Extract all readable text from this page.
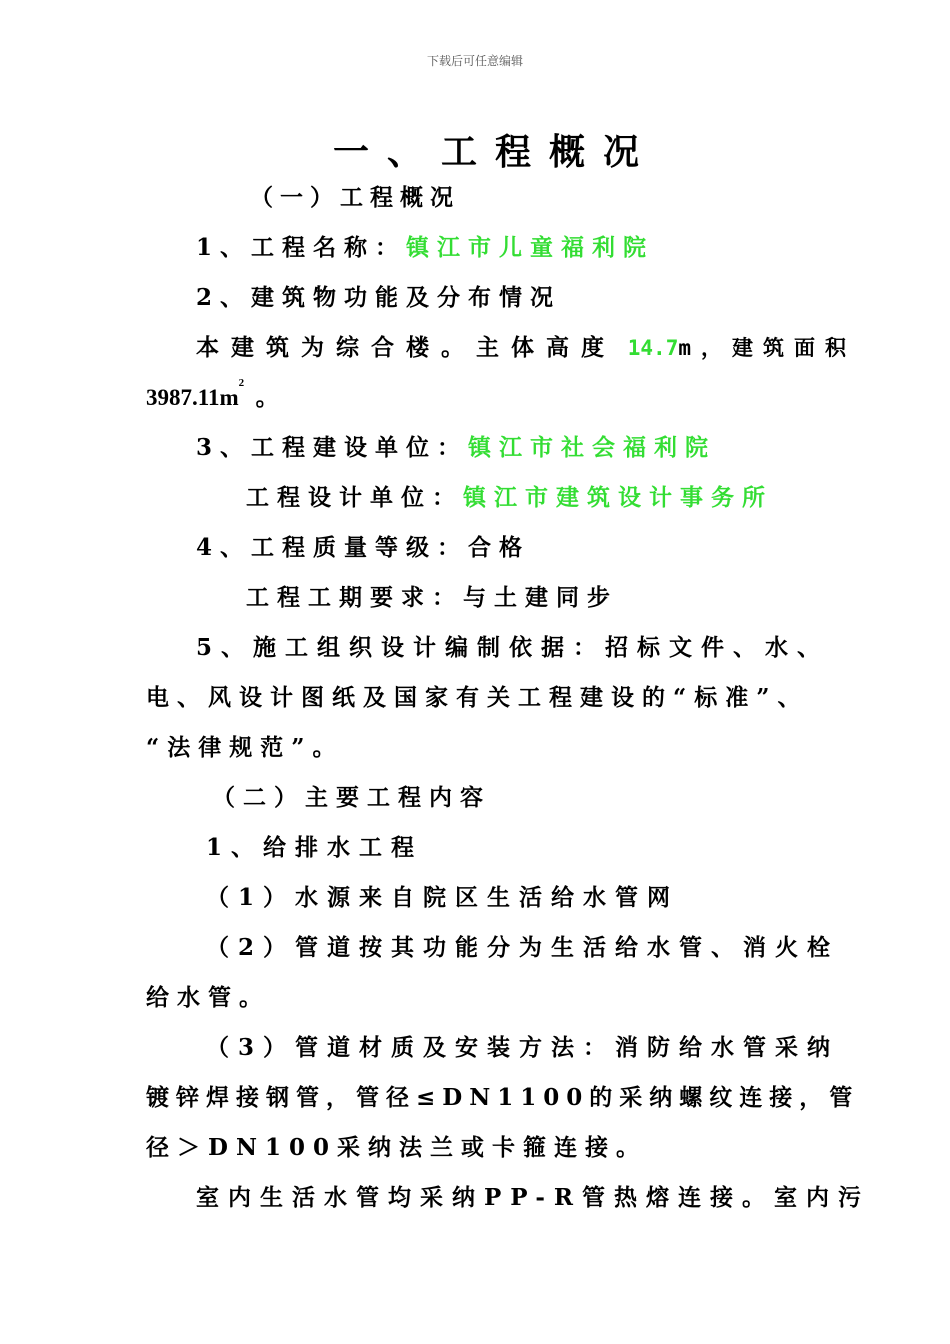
下载后可任意编辑
一、工程概况
（一）工程概况
1、工程名称：镇江市儿童福利院
2、建筑物功能及分布情况
本建筑为综合楼。主体高度 14.7m，建筑面积
$3987.11m^2$  。
3、工程建设单位：镇江市社会福利院
工程设计单位：镇江市建筑设计事务所
4、工程质量等级：合格
工程工期要求：与土建同步
5、施工组织设计编制依据：招标文件、水、
电、风设计图纸及国家有关工程建设的“标准”、
“法律规范”。
（二）主要工程内容
1、给排水工程
（1）水源来自院区生活给水管网
（2）管道按其功能分为生活给水管、消火栓
给水管。
（3）管道材质及安装方法：消防给水管采纳
镀锌焊接钢管，管径≤DN1100的采纳螺纹连接，管
径＞DN100采纳法兰或卡箍连接。
室内生活水管均采纳PP-R管热熔连接。室内污
